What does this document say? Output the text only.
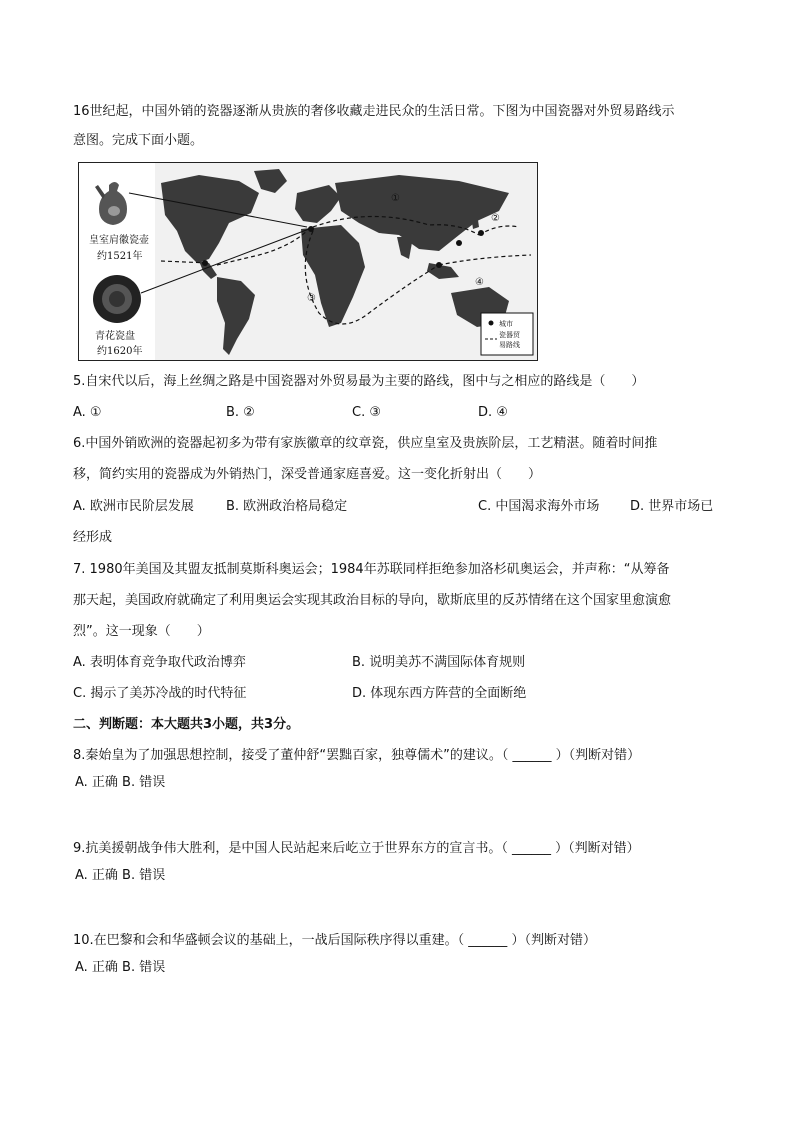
16世纪起，中国外销的瓷器逐渐从贵族的奢侈收藏走进民众的生活日常。下图为中国瓷器对外贸易路线示
意图。完成下面小题。
皇室肩徽瓷壶
约1521年
青花瓷盘
约1620年
①
②
③
④
城市
瓷器贸
易路线
5.自宋代以后，海上丝绸之路是中国瓷器对外贸易最为主要的路线，图中与之相应的路线是（　　）
A. ①	B. ②	C. ③	D. ④
6.中国外销欧洲的瓷器起初多为带有家族徽章的纹章瓷，供应皇室及贵族阶层，工艺精湛。随着时间推
移，简约实用的瓷器成为外销热门，深受普通家庭喜爱。这一变化折射出（　　）
A. 欧洲市民阶层发展 B. 欧洲政治格局稳定	C. 中国渴求海外市场 D. 世界市场已
经形成
7. 1980年美国及其盟友抵制莫斯科奥运会；1984年苏联同样拒绝参加洛杉矶奥运会，并声称：“从筹备
那天起，美国政府就确定了利用奥运会实现其政治目标的导向，歇斯底里的反苏情绪在这个国家里愈演愈
烈”。这一现象（　　）
A. 表明体育竞争取代政治博弈	B. 说明美苏不满国际体育规则
C. 揭示了美苏冷战的时代特征	D. 体现东西方阵营的全面断绝
二、判断题：本大题共3小题，共3分。
8.秦始皇为了加强思想控制，接受了董仲舒“罢黜百家，独尊儒术”的建议。（ ______ ）（判断对错）
A. 正确 B. 错误
9.抗美援朝战争伟大胜利，是中国人民站起来后屹立于世界东方的宣言书。（ ______ ）（判断对错）
A. 正确 B. 错误
10.在巴黎和会和华盛顿会议的基础上，一战后国际秩序得以重建。（ ______ ）（判断对错）
A. 正确 B. 错误
